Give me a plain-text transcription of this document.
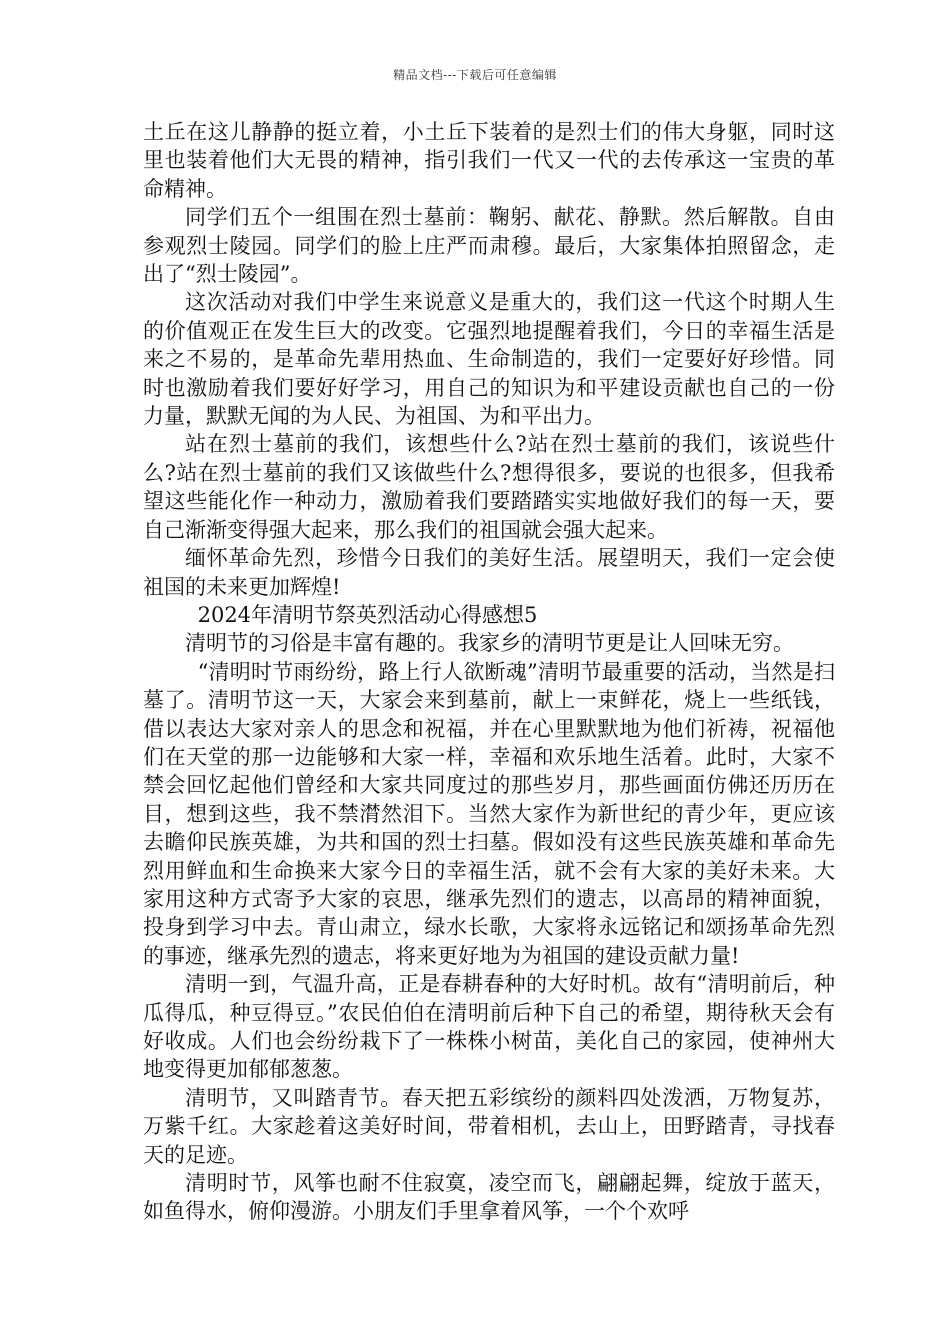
精品文档---下载后可任意编辑

土丘在这儿静静的挺立着，小土丘下装着的是烈士们的伟大身躯，同时这里也装着他们大无畏的精神，指引我们一代又一代的去传承这一宝贵的革命精神。

同学们五个一组围在烈士墓前：鞠躬、献花、静默。然后解散。自由参观烈士陵园。同学们的脸上庄严而肃穆。最后，大家集体拍照留念，走出了“烈士陵园”。

这次活动对我们中学生来说意义是重大的，我们这一代这个时期人生的价值观正在发生巨大的改变。它强烈地提醒着我们，今日的幸福生活是来之不易的，是革命先辈用热血、生命制造的，我们一定要好好珍惜。同时也激励着我们要好好学习，用自己的知识为和平建设贡献也自己的一份力量，默默无闻的为人民、为祖国、为和平出力。

站在烈士墓前的我们，该想些什么?站在烈士墓前的我们，该说些什么?站在烈士墓前的我们又该做些什么?想得很多，要说的也很多，但我希望这些能化作一种动力，激励着我们要踏踏实实地做好我们的每一天，要自己渐渐变得强大起来，那么我们的祖国就会强大起来。

缅怀革命先烈，珍惜今日我们的美好生活。展望明天，我们一定会使祖国的未来更加辉煌!

2024年清明节祭英烈活动心得感想5

清明节的习俗是丰富有趣的。我家乡的清明节更是让人回味无穷。

“清明时节雨纷纷，路上行人欲断魂”清明节最重要的活动，当然是扫墓了。清明节这一天，大家会来到墓前，献上一束鲜花，烧上一些纸钱，借以表达大家对亲人的思念和祝福，并在心里默默地为他们祈祷，祝福他们在天堂的那一边能够和大家一样，幸福和欢乐地生活着。此时，大家不禁会回忆起他们曾经和大家共同度过的那些岁月，那些画面仿佛还历历在目，想到这些，我不禁潸然泪下。当然大家作为新世纪的青少年，更应该去瞻仰民族英雄，为共和国的烈士扫墓。假如没有这些民族英雄和革命先烈用鲜血和生命换来大家今日的幸福生活，就不会有大家的美好未来。大家用这种方式寄予大家的哀思，继承先烈们的遗志，以高昂的精神面貌，投身到学习中去。青山肃立，绿水长歌，大家将永远铭记和颂扬革命先烈的事迹，继承先烈的遗志，将来更好地为为祖国的建设贡献力量!

清明一到，气温升高，正是春耕春种的大好时机。故有“清明前后，种瓜得瓜，种豆得豆。”农民伯伯在清明前后种下自己的希望，期待秋天会有好收成。人们也会纷纷栽下了一株株小树苗，美化自己的家园，使神州大地变得更加郁郁葱葱。

清明节，又叫踏青节。春天把五彩缤纷的颜料四处泼洒，万物复苏，万紫千红。大家趁着这美好时间，带着相机，去山上，田野踏青，寻找春天的足迹。

清明时节，风筝也耐不住寂寞，凌空而飞，翩翩起舞，绽放于蓝天，如鱼得水，俯仰漫游。小朋友们手里拿着风筝，一个个欢呼
